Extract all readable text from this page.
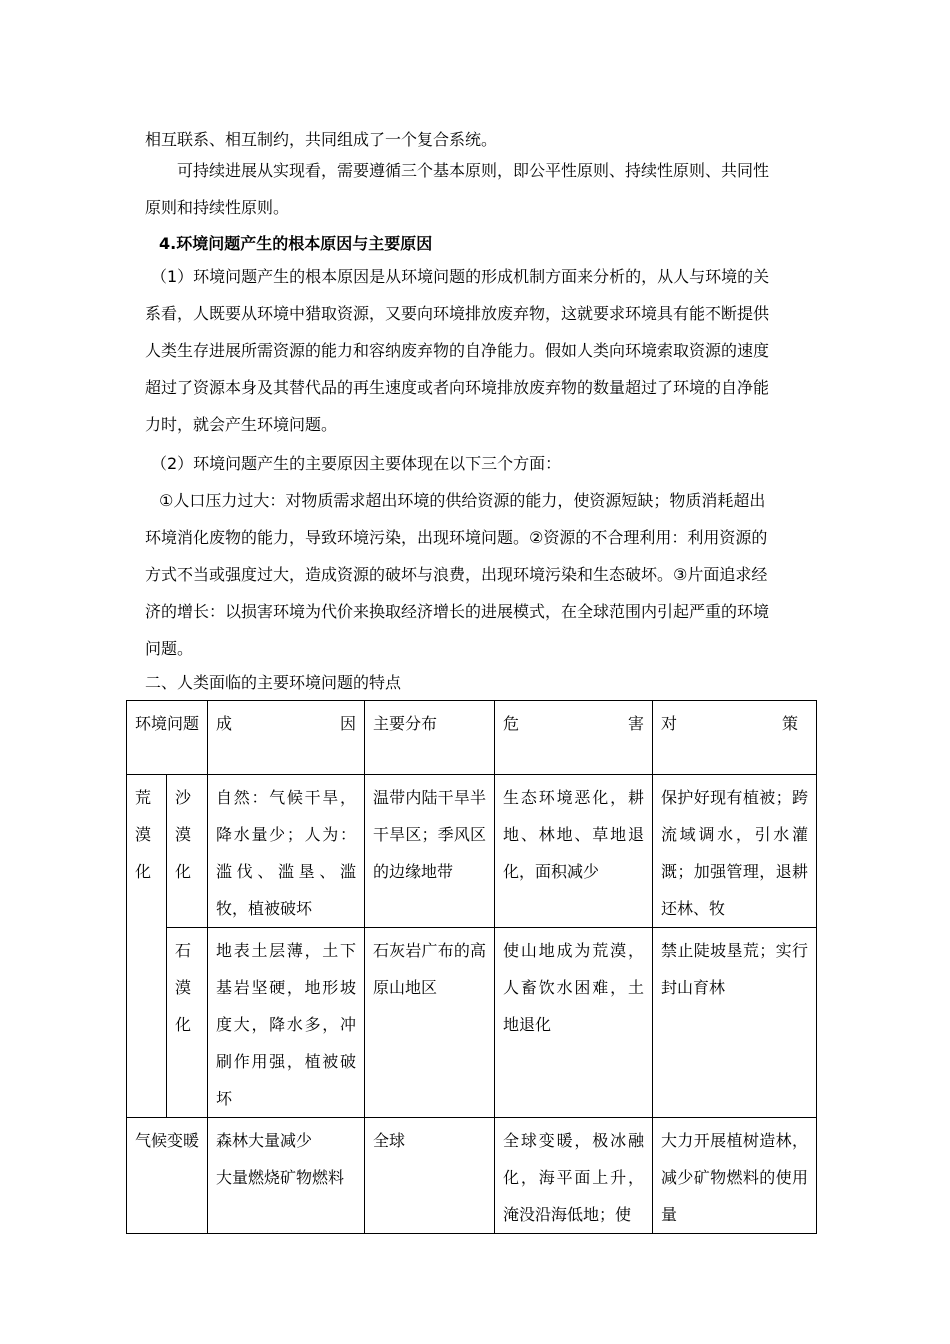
相互联系、相互制约，共同组成了一个复合系统。

可持续进展从实现看，需要遵循三个基本原则，即公平性原则、持续性原则、共同性
原则和持续性原则。

4.环境问题产生的根本原因与主要原因

（1）环境问题产生的根本原因是从环境问题的形成机制方面来分析的，从人与环境的关
系看，人既要从环境中猎取资源，又要向环境排放废弃物，这就要求环境具有能不断提供
人类生存进展所需资源的能力和容纳废弃物的自净能力。假如人类向环境索取资源的速度
超过了资源本身及其替代品的再生速度或者向环境排放废弃物的数量超过了环境的自净能
力时，就会产生环境问题。

（2）环境问题产生的主要原因主要体现在以下三个方面：

①人口压力过大：对物质需求超出环境的供给资源的能力，使资源短缺；物质消耗超出
环境消化废物的能力，导致环境污染，出现环境问题。②资源的不合理利用：利用资源的
方式不当或强度过大，造成资源的破坏与浪费，出现环境污染和生态破坏。③片面追求经
济的增长：以损害环境为代价来换取经济增长的进展模式，在全球范围内引起严重的环境
问题。

二、人类面临的主要环境问题的特点

环境问题		成 因	主要分布	危 害	对 策

荒漠化	沙漠化	自然：气候干旱，降水量少；人为：滥伐、滥垦、滥牧，植被破坏	温带内陆干旱半干旱区；季风区的边缘地带	生态环境恶化，耕地、林地、草地退化，面积减少	保护好现有植被；跨流域调水，引水灌溉；加强管理，退耕还林、牧
	石漠化	地表土层薄，土下基岩坚硬，地形坡度大，降水多，冲刷作用强，植被破坏	石灰岩广布的高原山地区	使山地成为荒漠，人畜饮水困难，土地退化	禁止陡坡垦荒；实行封山育林
气候变暖		森林大量减少
大量燃烧矿物燃料	全球	全球变暖，极冰融化，海平面上升，淹没沿海低地；使	大力开展植树造林，减少矿物燃料的使用量
